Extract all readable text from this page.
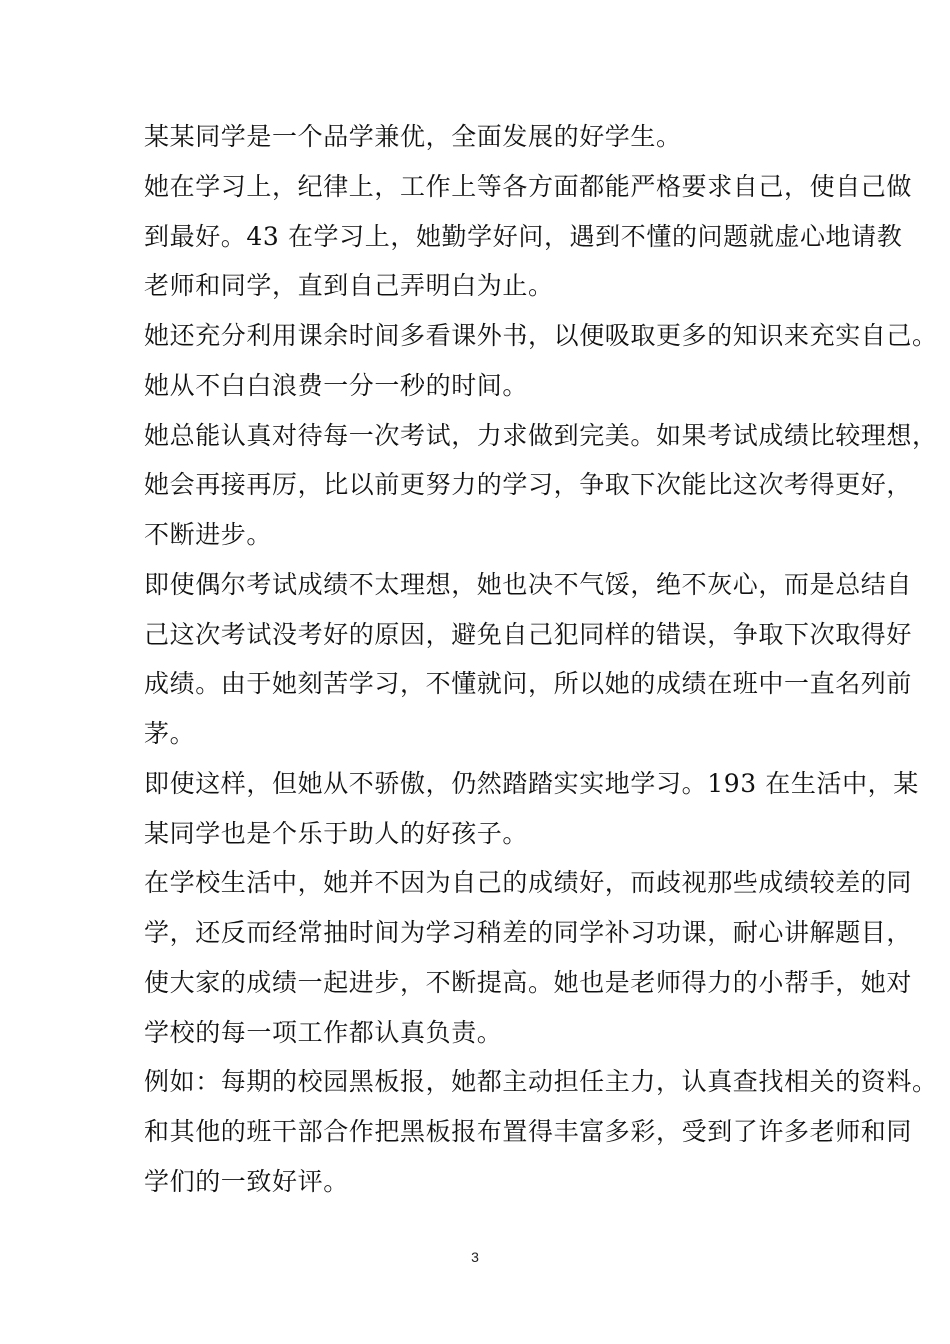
某某同学是一个品学兼优，全面发展的好学生。
她在学习上，纪律上，工作上等各方面都能严格要求自己，使自己做
到最好。43 在学习上，她勤学好问，遇到不懂的问题就虚心地请教
老师和同学，直到自己弄明白为止。
她还充分利用课余时间多看课外书，以便吸取更多的知识来充实自己。
她从不白白浪费一分一秒的时间。
她总能认真对待每一次考试，力求做到完美。如果考试成绩比较理想，
她会再接再厉，比以前更努力的学习，争取下次能比这次考得更好，
不断进步。
即使偶尔考试成绩不太理想，她也决不气馁，绝不灰心，而是总结自
己这次考试没考好的原因，避免自己犯同样的错误，争取下次取得好
成绩。由于她刻苦学习，不懂就问，所以她的成绩在班中一直名列前
茅。
即使这样，但她从不骄傲，仍然踏踏实实地学习。193 在生活中，某
某同学也是个乐于助人的好孩子。
在学校生活中，她并不因为自己的成绩好，而歧视那些成绩较差的同
学，还反而经常抽时间为学习稍差的同学补习功课，耐心讲解题目，
使大家的成绩一起进步，不断提高。她也是老师得力的小帮手，她对
学校的每一项工作都认真负责。
例如：每期的校园黑板报，她都主动担任主力，认真查找相关的资料。
和其他的班干部合作把黑板报布置得丰富多彩，受到了许多老师和同
学们的一致好评。
3
